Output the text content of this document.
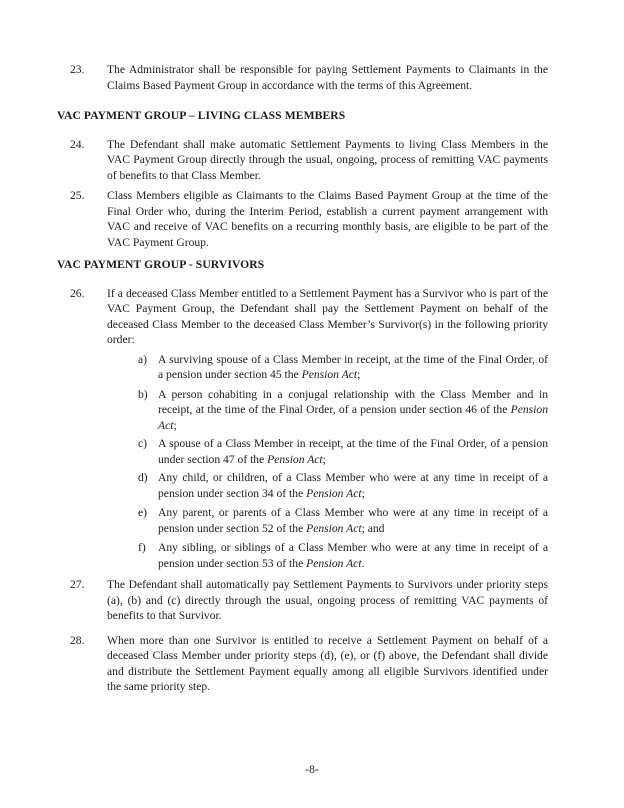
23. The Administrator shall be responsible for paying Settlement Payments to Claimants in the Claims Based Payment Group in accordance with the terms of this Agreement.
VAC PAYMENT GROUP – LIVING CLASS MEMBERS
24. The Defendant shall make automatic Settlement Payments to living Class Members in the VAC Payment Group directly through the usual, ongoing, process of remitting VAC payments of benefits to that Class Member.
25. Class Members eligible as Claimants to the Claims Based Payment Group at the time of the Final Order who, during the Interim Period, establish a current payment arrangement with VAC and receive of VAC benefits on a recurring monthly basis, are eligible to be part of the VAC Payment Group.
VAC PAYMENT GROUP - SURVIVORS
26. If a deceased Class Member entitled to a Settlement Payment has a Survivor who is part of the VAC Payment Group, the Defendant shall pay the Settlement Payment on behalf of the deceased Class Member to the deceased Class Member’s Survivor(s) in the following priority order:
a) A surviving spouse of a Class Member in receipt, at the time of the Final Order, of a pension under section 45 the Pension Act;
b) A person cohabiting in a conjugal relationship with the Class Member and in receipt, at the time of the Final Order, of a pension under section 46 of the Pension Act;
c) A spouse of a Class Member in receipt, at the time of the Final Order, of a pension under section 47 of the Pension Act;
d) Any child, or children, of a Class Member who were at any time in receipt of a pension under section 34 of the Pension Act;
e) Any parent, or parents of a Class Member who were at any time in receipt of a pension under section 52 of the Pension Act; and
f) Any sibling, or siblings of a Class Member who were at any time in receipt of a pension under section 53 of the Pension Act.
27. The Defendant shall automatically pay Settlement Payments to Survivors under priority steps (a), (b) and (c) directly through the usual, ongoing process of remitting VAC payments of benefits to that Survivor.
28. When more than one Survivor is entitled to receive a Settlement Payment on behalf of a deceased Class Member under priority steps (d), (e), or (f) above, the Defendant shall divide and distribute the Settlement Payment equally among all eligible Survivors identified under the same priority step.
-8-
